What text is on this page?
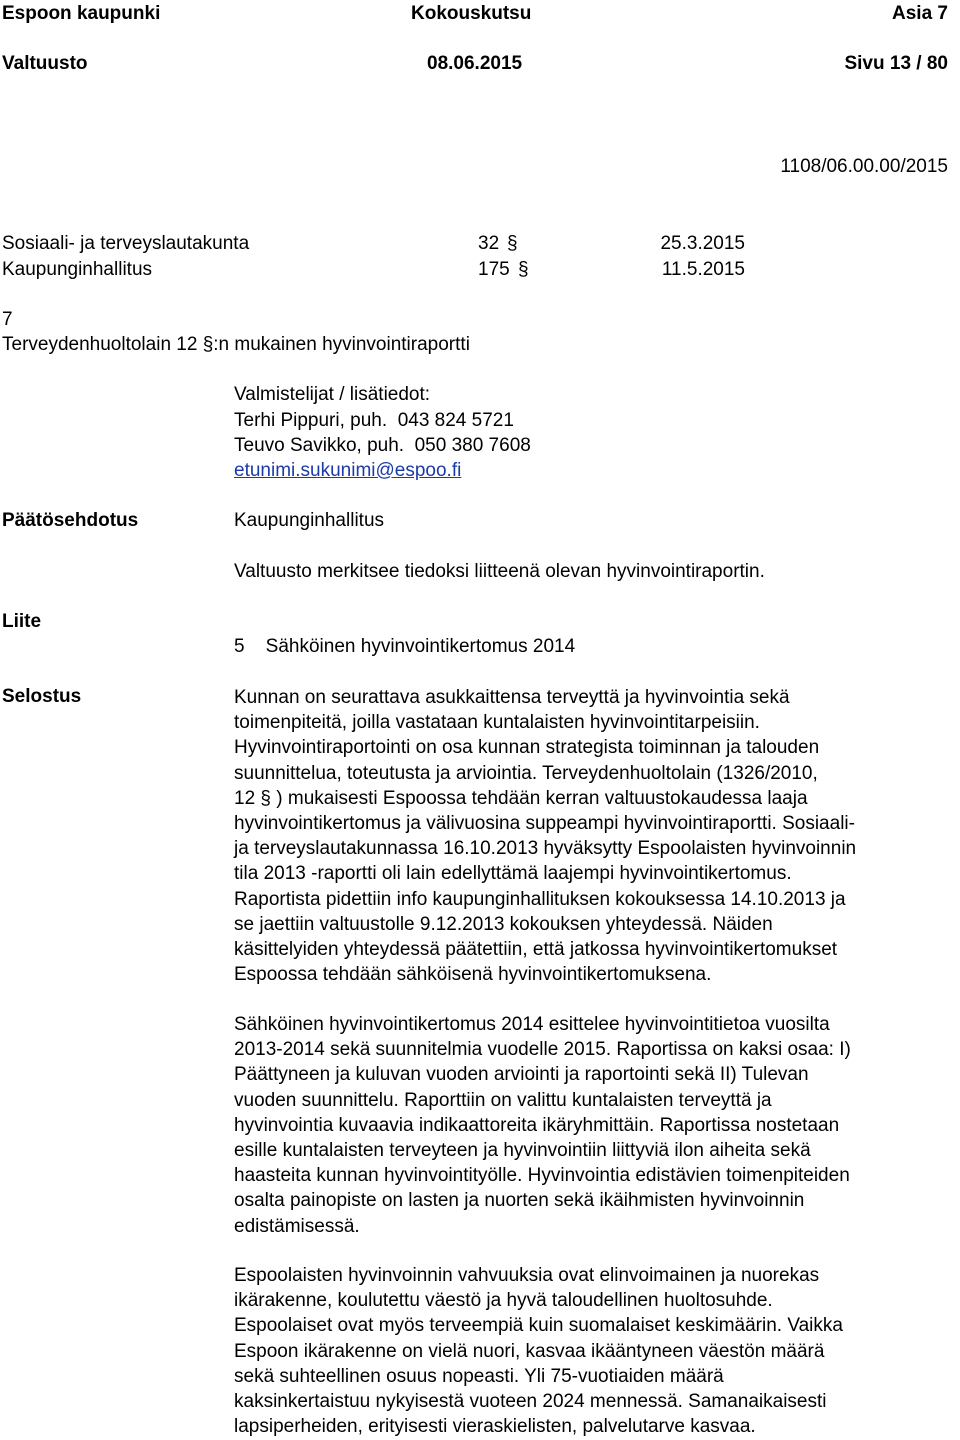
Espoon kaupunki	Kokouskutsu	Asia 7
Valtuusto	08.06.2015	Sivu 13 / 80
1108/06.00.00/2015
Sosiaali- ja terveyslautakunta	32 §	25.3.2015
Kaupunginhallitus	175 §	11.5.2015
7
Terveydenhuoltolain 12 §:n mukainen hyvinvointiraportti
Valmistelijat / lisätiedot:
Terhi Pippuri, puh.  043 824 5721
Teuvo Savikko, puh.  050 380 7608
etunimi.sukunimi@espoo.fi
Päätösehdotus	Kaupunginhallitus
Valtuusto merkitsee tiedoksi liitteenä olevan hyvinvointiraportin.
Liite
5    Sähköinen hyvinvointikertomus 2014
Selostus	Kunnan on seurattava asukkaittensa terveyttä ja hyvinvointia sekä
toimenpiteitä, joilla vastataan kuntalaisten hyvinvointitarpeisiin.
Hyvinvointiraportointi on osa kunnan strategista toiminnan ja talouden
suunnittelua, toteutusta ja arviointia. Terveydenhuoltolain (1326/2010,
12 § ) mukaisesti Espoossa tehdään kerran valtuustokaudessa laaja
hyvinvointikertomus ja välivuosina suppeampi hyvinvointiraportti. Sosiaali-
ja terveyslautakunnassa 16.10.2013 hyväksytty Espoolaisten hyvinvoinnin
tila 2013 -raportti oli lain edellyttämä laajempi hyvinvointikertomus.
Raportista pidettiin info kaupunginhallituksen kokouksessa 14.10.2013 ja
se jaettiin valtuustolle 9.12.2013 kokouksen yhteydessä. Näiden
käsittelyiden yhteydessä päätettiin, että jatkossa hyvinvointikertomukset
Espoossa tehdään sähköisenä hyvinvointikertomuksena.
Sähköinen hyvinvointikertomus 2014 esittelee hyvinvointitietoa vuosilta
2013-2014 sekä suunnitelmia vuodelle 2015. Raportissa on kaksi osaa: I)
Päättyneen ja kuluvan vuoden arviointi ja raportointi sekä II) Tulevan
vuoden suunnittelu. Raporttiin on valittu kuntalaisten terveyttä ja
hyvinvointia kuvaavia indikaattoreita ikäryhmittäin. Raportissa nostetaan
esille kuntalaisten terveyteen ja hyvinvointiin liittyviä ilon aiheita sekä
haasteita kunnan hyvinvointityölle. Hyvinvointia edistävien toimenpiteiden
osalta painopiste on lasten ja nuorten sekä ikäihmisten hyvinvoinnin
edistämisessä.
Espoolaisten hyvinvoinnin vahvuuksia ovat elinvoimainen ja nuorekas
ikärakenne, koulutettu väestö ja hyvä taloudellinen huoltosuhde.
Espoolaiset ovat myös terveempiä kuin suomalaiset keskimäärin. Vaikka
Espoon ikärakenne on vielä nuori, kasvaa ikääntyneen väestön määrä
sekä suhteellinen osuus nopeasti. Yli 75-vuotiaiden määrä
kaksinkertaistuu nykyisestä vuoteen 2024 mennessä. Samanaikaisesti
lapsiperheiden, erityisesti vieraskielisten, palvelutarve kasvaa.
